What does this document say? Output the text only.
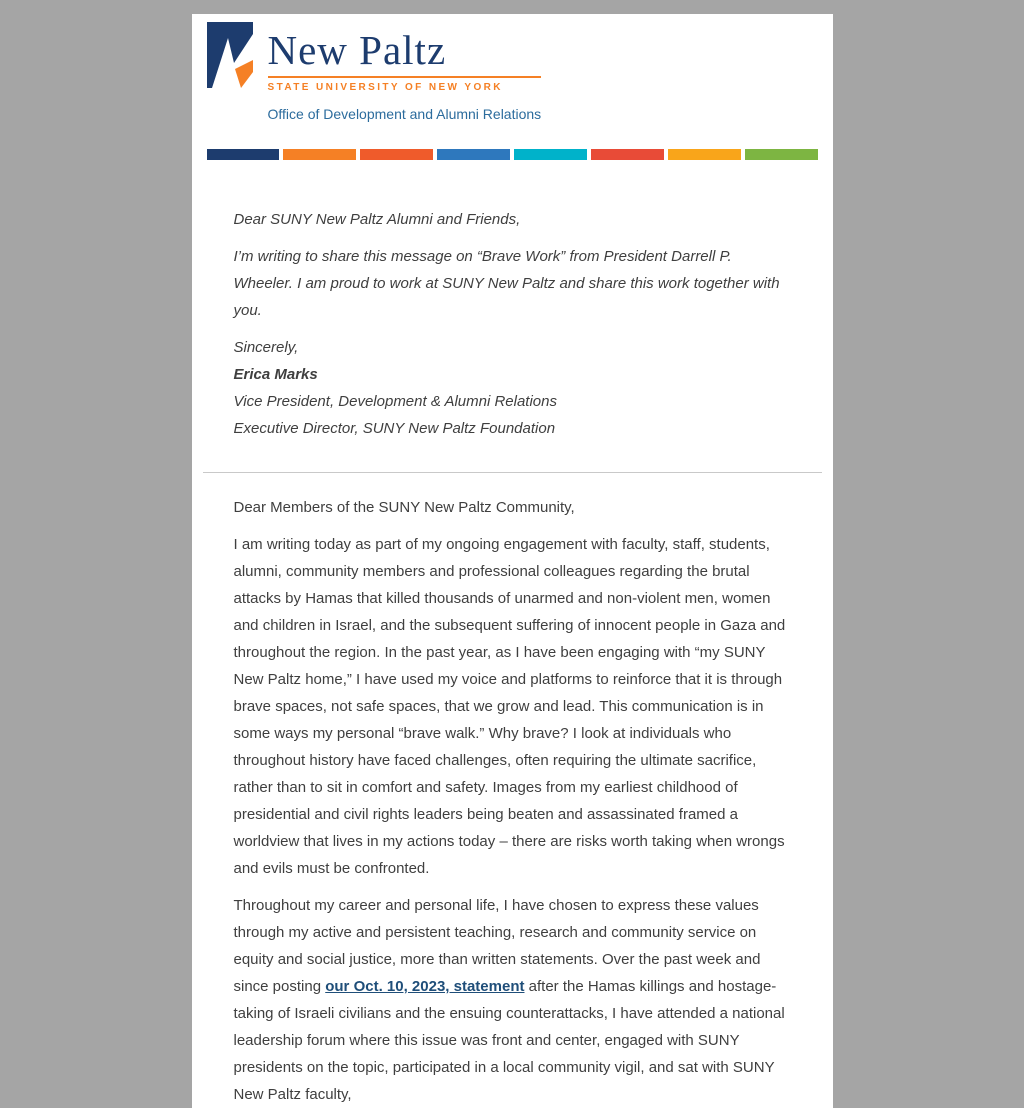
New Paltz
STATE UNIVERSITY OF NEW YORK
Office of Development and Alumni Relations

Dear SUNY New Paltz Alumni and Friends,

I’m writing to share this message on “Brave Work” from President Darrell P. Wheeler. I am proud to work at SUNY New Paltz and share this work together with you.

Sincerely,
Erica Marks
Vice President, Development & Alumni Relations
Executive Director, SUNY New Paltz Foundation

Dear Members of the SUNY New Paltz Community,

I am writing today as part of my ongoing engagement with faculty, staff, students, alumni, community members and professional colleagues regarding the brutal attacks by Hamas that killed thousands of unarmed and non-violent men, women and children in Israel, and the subsequent suffering of innocent people in Gaza and throughout the region. In the past year, as I have been engaging with “my SUNY New Paltz home,” I have used my voice and platforms to reinforce that it is through brave spaces, not safe spaces, that we grow and lead. This communication is in some ways my personal “brave walk.” Why brave? I look at individuals who throughout history have faced challenges, often requiring the ultimate sacrifice, rather than to sit in comfort and safety. Images from my earliest childhood of presidential and civil rights leaders being beaten and assassinated framed a worldview that lives in my actions today – there are risks worth taking when wrongs and evils must be confronted.

Throughout my career and personal life, I have chosen to express these values through my active and persistent teaching, research and community service on equity and social justice, more than written statements. Over the past week and since posting our Oct. 10, 2023, statement after the Hamas killings and hostage-taking of Israeli civilians and the ensuing counterattacks, I have attended a national leadership forum where this issue was front and center, engaged with SUNY presidents on the topic, participated in a local community vigil, and sat with SUNY New Paltz faculty,
